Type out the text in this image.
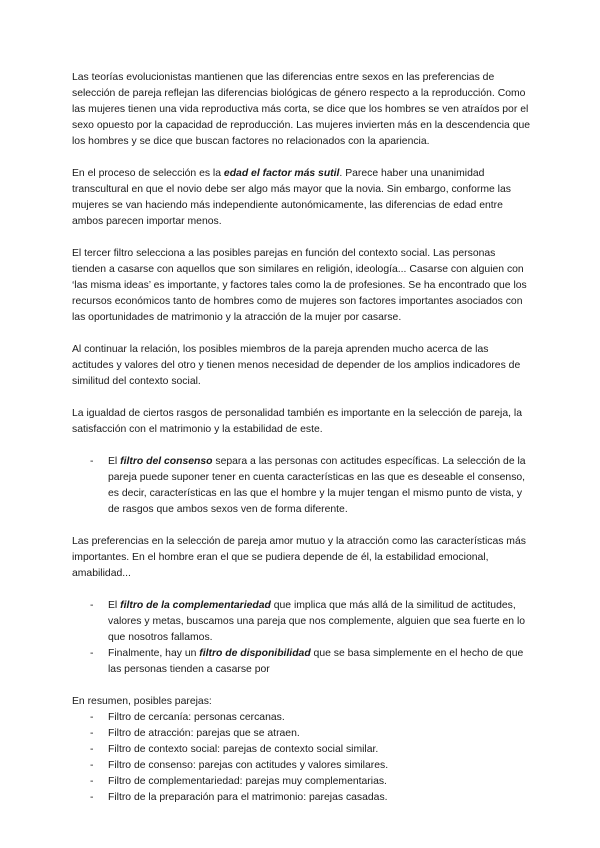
Las teorías evolucionistas mantienen que las diferencias entre sexos en las preferencias de selección de pareja reflejan las diferencias biológicas de género respecto a la reproducción. Como las mujeres tienen una vida reproductiva más corta, se dice que los hombres se ven atraídos por el sexo opuesto por la capacidad de reproducción. Las mujeres invierten más en la descendencia que los hombres y se dice que buscan factores no relacionados con la apariencia.

En el proceso de selección es la edad el factor más sutil. Parece haber una unanimidad transcultural en que el novio debe ser algo más mayor que la novia. Sin embargo, conforme las mujeres se van haciendo más independiente autonómicamente, las diferencias de edad entre ambos parecen importar menos.

El tercer filtro selecciona a las posibles parejas en función del contexto social. Las personas tienden a casarse con aquellos que son similares en religión, ideología... Casarse con alguien con ‘las misma ideas’ es importante, y factores tales como la de profesiones. Se ha encontrado que los recursos económicos tanto de hombres como de mujeres son factores importantes asociados con las oportunidades de matrimonio y la atracción de la mujer por casarse.

Al continuar la relación, los posibles miembros de la pareja aprenden mucho acerca de las actitudes y valores del otro y tienen menos necesidad de depender de los amplios indicadores de similitud del contexto social.

La igualdad de ciertos rasgos de personalidad también es importante en la selección de pareja, la satisfacción con el matrimonio y la estabilidad de este.

- El filtro del consenso separa a las personas con actitudes específicas. La selección de la pareja puede suponer tener en cuenta características en las que es deseable el consenso, es decir, características en las que el hombre y la mujer tengan el mismo punto de vista, y de rasgos que ambos sexos ven de forma diferente.

Las preferencias en la selección de pareja amor mutuo y la atracción como las características más importantes. En el hombre eran el que se pudiera depende de él, la estabilidad emocional, amabilidad...

- El filtro de la complementariedad que implica que más allá de la similitud de actitudes, valores y metas, buscamos una pareja que nos complemente, alguien que sea fuerte en lo que nosotros fallamos.
- Finalmente, hay un filtro de disponibilidad que se basa simplemente en el hecho de que las personas tienden a casarse por

En resumen, posibles parejas:

- Filtro de cercanía: personas cercanas.
- Filtro de atracción: parejas que se atraen.
- Filtro de contexto social: parejas de contexto social similar.
- Filtro de consenso: parejas con actitudes y valores similares.
- Filtro de complementariedad: parejas muy complementarias.
- Filtro de la preparación para el matrimonio: parejas casadas.
